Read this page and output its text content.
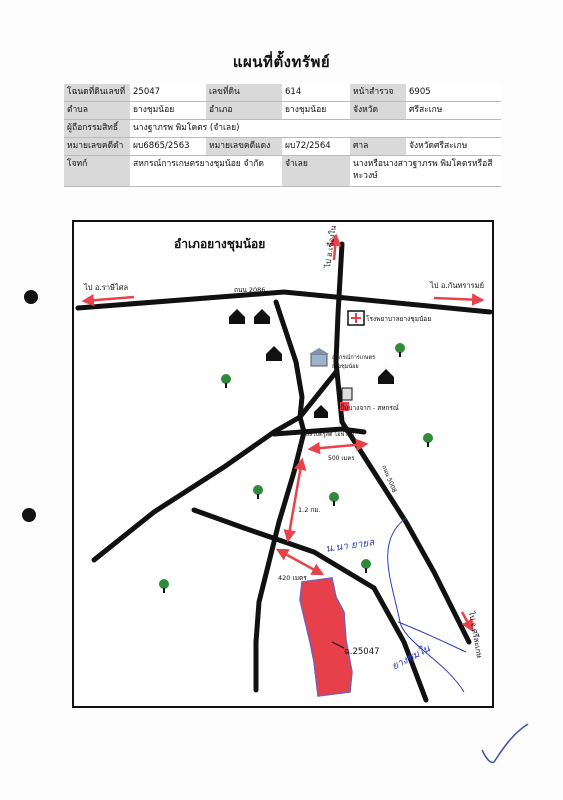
แผนที่ตั้งทรัพย์
โฉนดที่ดินเลขที่	25047	เลขที่ดิน	614	หน้าสำรวจ	6905
ตำบล	ยางชุมน้อย	อำเภอ	ยางชุมน้อย	จังหวัด	ศรีสะเกษ
ผู้ถือกรรมสิทธิ์	นางฐาภรพ พิมโคตร (จำเลย)				
หมายเลขคดีดำ	ผบ6865/2563	หมายเลขคดีแดง	ผบ72/2564	ศาล	จังหวัดศรีสะเกษ
โจทก์	สหกรณ์การเกษตรยางชุมน้อย จำกัด		จำเลย	นางหรือนางสาวฐาภรพ พิมโคตรหรือสีหะวงษ์	
อำเภอยางชุมน้อย
ถนน 2086
ไป อ.ราษีไศล	ไป อ.กันทรารมย์
ไป อ.เขื่องใน
ไป จ.ศรีสะเกษ
โรงพยาบาลยางชุมน้อย
สหกรณ์การเกษตร
ยางชุมน้อย
ปั๊มบางจาก - สหกรณ์
เลสโปตรูสต์ โอฟาร์ม
500 เมตร
1.2 กม.
420 เมตร
ถนน 5008
ฉ.25047
น.นา ยายล
ยางชุมใน
